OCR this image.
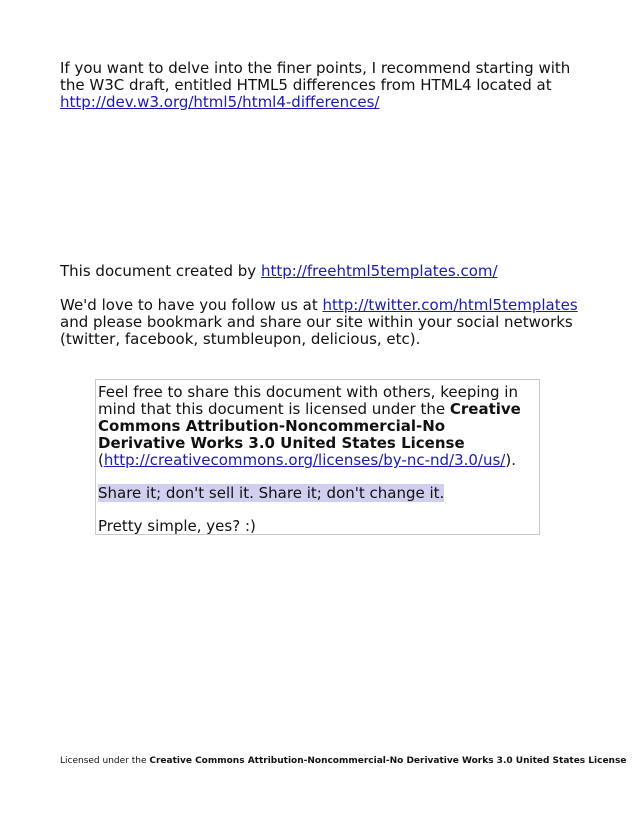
If you want to delve into the finer points, I recommend starting with the W3C draft, entitled HTML5 differences from HTML4 located at http://dev.w3.org/html5/html4-differences/

This document created by http://freehtml5templates.com/

We'd love to have you follow us at http://twitter.com/html5templates and please bookmark and share our site within your social networks (twitter, facebook, stumbleupon, delicious, etc).

Feel free to share this document with others, keeping in mind that this document is licensed under the Creative Commons Attribution-Noncommercial-No Derivative Works 3.0 United States License (http://creativecommons.org/licenses/by-nc-nd/3.0/us/).

Share it; don't sell it. Share it; don't change it.

Pretty simple, yes? :)

Licensed under the Creative Commons Attribution-Noncommercial-No Derivative Works 3.0 United States License
